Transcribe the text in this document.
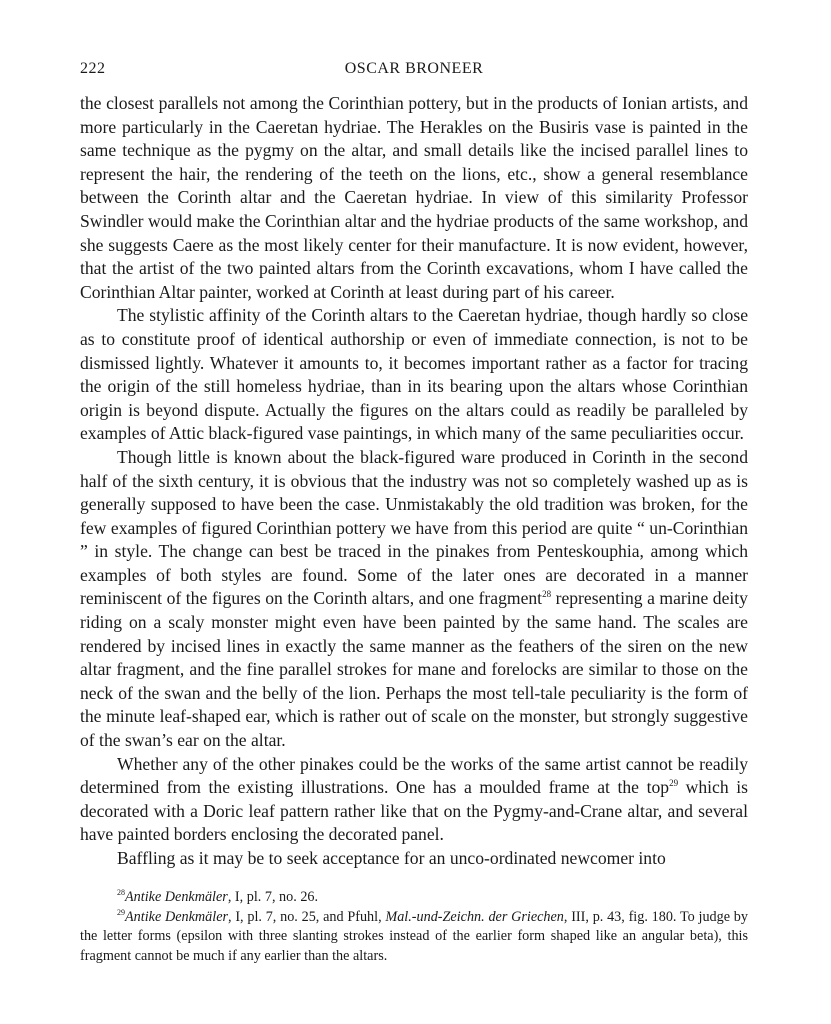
222	OSCAR BRONEER

the closest parallels not among the Corinthian pottery, but in the products of Ionian artists, and more particularly in the Caeretan hydriae. The Herakles on the Busiris vase is painted in the same technique as the pygmy on the altar, and small details like the incised parallel lines to represent the hair, the rendering of the teeth on the lions, etc., show a general resemblance between the Corinth altar and the Caeretan hydriae. In view of this similarity Professor Swindler would make the Corinthian altar and the hydriae products of the same workshop, and she suggests Caere as the most likely center for their manufacture. It is now evident, however, that the artist of the two painted altars from the Corinth excavations, whom I have called the Corinthian Altar painter, worked at Corinth at least during part of his career.

The stylistic affinity of the Corinth altars to the Caeretan hydriae, though hardly so close as to constitute proof of identical authorship or even of immediate connection, is not to be dismissed lightly. Whatever it amounts to, it becomes important rather as a factor for tracing the origin of the still homeless hydriae, than in its bearing upon the altars whose Corinthian origin is beyond dispute. Actually the figures on the altars could as readily be paralleled by examples of Attic black-figured vase paintings, in which many of the same peculiarities occur.

Though little is known about the black-figured ware produced in Corinth in the second half of the sixth century, it is obvious that the industry was not so completely washed up as is generally supposed to have been the case. Unmistakably the old tradition was broken, for the few examples of figured Corinthian pottery we have from this period are quite “ un-Corinthian ” in style. The change can best be traced in the pinakes from Penteskouphia, among which examples of both styles are found. Some of the later ones are decorated in a manner reminiscent of the figures on the Corinth altars, and one fragment$^{28}$ representing a marine deity riding on a scaly monster might even have been painted by the same hand. The scales are rendered by incised lines in exactly the same manner as the feathers of the siren on the new altar fragment, and the fine parallel strokes for mane and forelocks are similar to those on the neck of the swan and the belly of the lion. Perhaps the most tell-tale peculiarity is the form of the minute leaf-shaped ear, which is rather out of scale on the monster, but strongly suggestive of the swan’s ear on the altar.

Whether any of the other pinakes could be the works of the same artist cannot be readily determined from the existing illustrations. One has a moulded frame at the top$^{29}$ which is decorated with a Doric leaf pattern rather like that on the Pygmy-and-Crane altar, and several have painted borders enclosing the decorated panel.

Baffling as it may be to seek acceptance for an unco-ordinated newcomer into

$^{28}$Antike Denkmäler, I, pl. 7, no. 26.

$^{29}$Antike Denkmäler, I, pl. 7, no. 25, and Pfuhl, Mal.-und-Zeichn. der Griechen, III, p. 43, fig. 180. To judge by the letter forms (epsilon with three slanting strokes instead of the earlier form shaped like an angular beta), this fragment cannot be much if any earlier than the altars.
